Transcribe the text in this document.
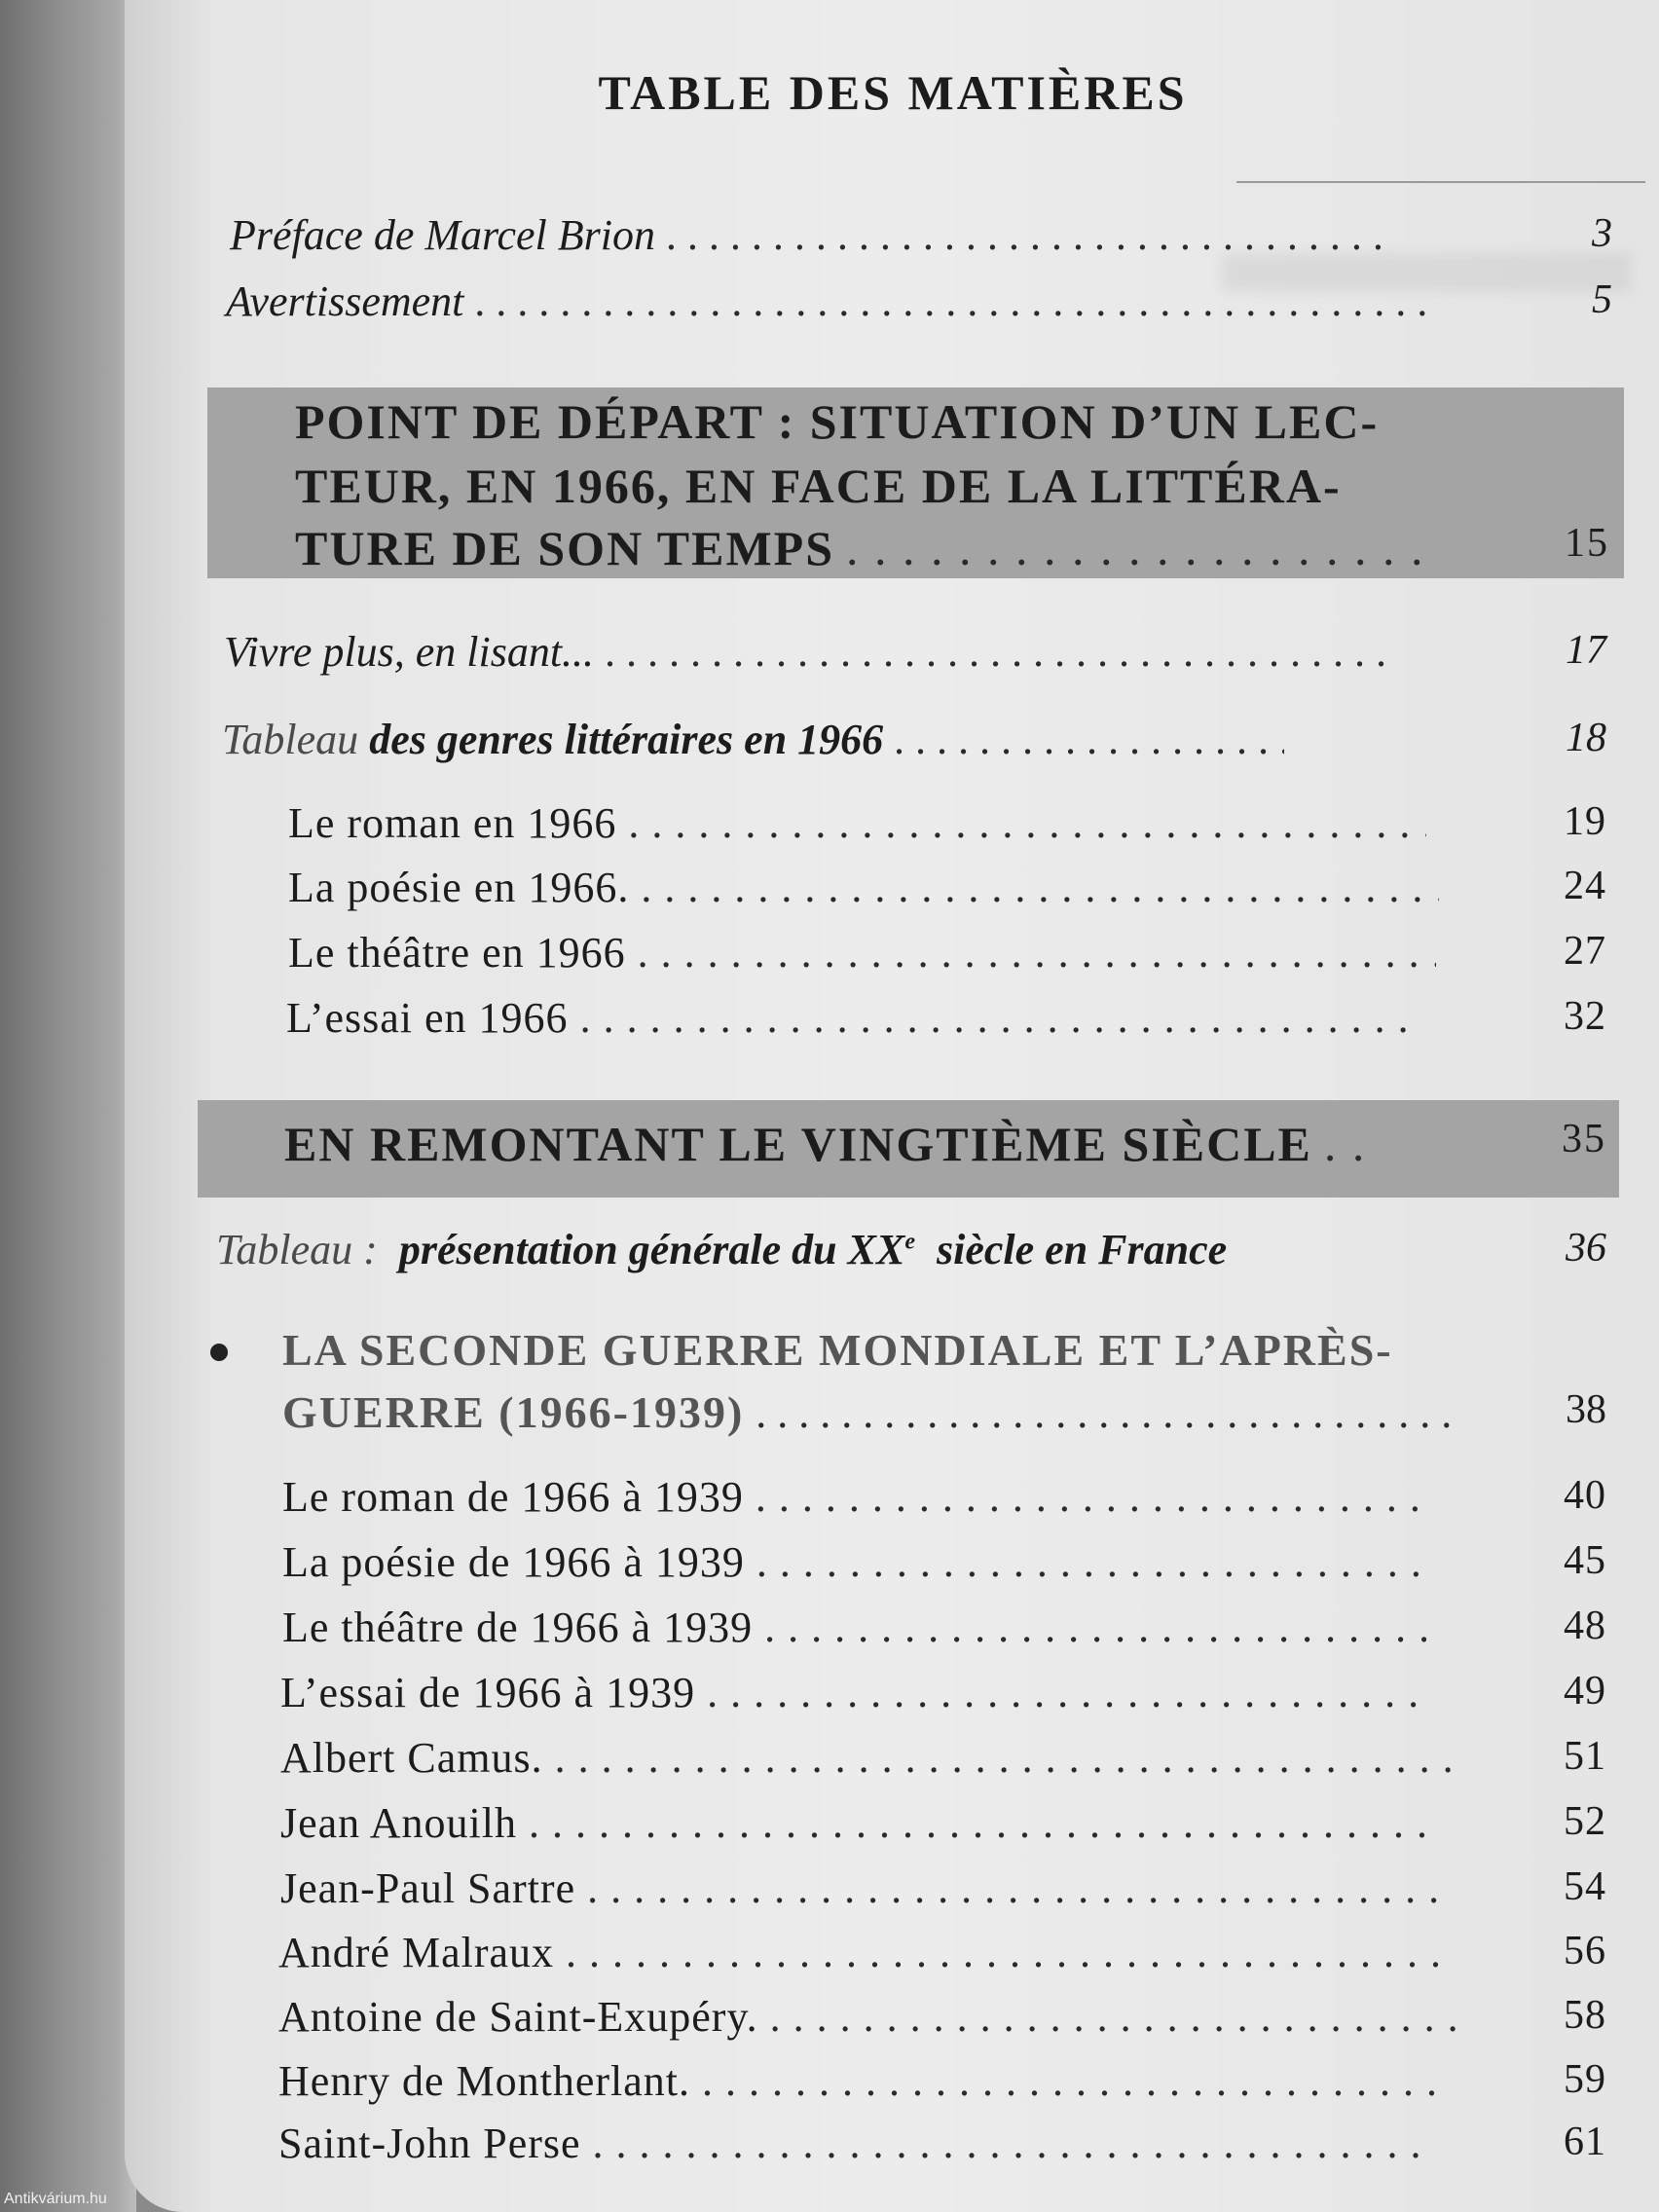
TABLE DES MATIÈRES
Préface de Marcel Brion . . .	3
Avertissement . . .	5
POINT DE DÉPART : SITUATION D’UN LEC-
TEUR, EN 1966, EN FACE DE LA LITTÉRA-
TURE DE SON TEMPS . . .	15
Vivre plus, en lisant... . . .	17
Tableau des genres littéraires en 1966 . . .	18
Le roman en 1966 . . .	19
La poésie en 1966. . . .	24
Le théâtre en 1966 . . .	27
L’essai en 1966 . . .	32
EN REMONTANT LE VINGTIÈME SIÈCLE . . .	35
Tableau : présentation générale du XXe siècle en France	36
LA SECONDE GUERRE MONDIALE ET L’APRÈS-
GUERRE (1966-1939) . . .	38
Le roman de 1966 à 1939 . . .	40
La poésie de 1966 à 1939 . . .	45
Le théâtre de 1966 à 1939 . . .	48
L’essai de 1966 à 1939 . . .	49
Albert Camus. . . .	51
Jean Anouilh . . .	52
Jean-Paul Sartre . . .	54
André Malraux . . .	56
Antoine de Saint-Exupéry. . . .	58
Henry de Montherlant. . . .	59
Saint-John Perse . . .	61
Antikvárium.hu
